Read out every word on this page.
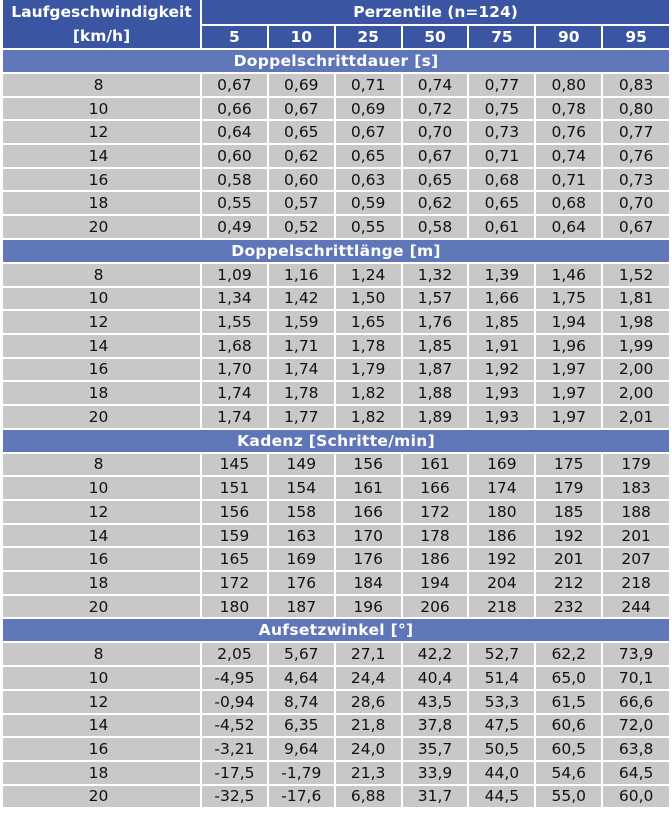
Laufgeschwindigkeit
[km/h]	Perzentile (n=124)						
	5	10	25	50	75	90	95
Doppelschrittdauer [s]							
8	0,67	0,69	0,71	0,74	0,77	0,80	0,83
10	0,66	0,67	0,69	0,72	0,75	0,78	0,80
12	0,64	0,65	0,67	0,70	0,73	0,76	0,77
14	0,60	0,62	0,65	0,67	0,71	0,74	0,76
16	0,58	0,60	0,63	0,65	0,68	0,71	0,73
18	0,55	0,57	0,59	0,62	0,65	0,68	0,70
20	0,49	0,52	0,55	0,58	0,61	0,64	0,67
Doppelschrittlänge [m]							
8	1,09	1,16	1,24	1,32	1,39	1,46	1,52
10	1,34	1,42	1,50	1,57	1,66	1,75	1,81
12	1,55	1,59	1,65	1,76	1,85	1,94	1,98
14	1,68	1,71	1,78	1,85	1,91	1,96	1,99
16	1,70	1,74	1,79	1,87	1,92	1,97	2,00
18	1,74	1,78	1,82	1,88	1,93	1,97	2,00
20	1,74	1,77	1,82	1,89	1,93	1,97	2,01
Kadenz [Schritte/min]							
8	145	149	156	161	169	175	179
10	151	154	161	166	174	179	183
12	156	158	166	172	180	185	188
14	159	163	170	178	186	192	201
16	165	169	176	186	192	201	207
18	172	176	184	194	204	212	218
20	180	187	196	206	218	232	244
Aufsetzwinkel [°]							
8	2,05	5,67	27,1	42,2	52,7	62,2	73,9
10	-4,95	4,64	24,4	40,4	51,4	65,0	70,1
12	-0,94	8,74	28,6	43,5	53,3	61,5	66,6
14	-4,52	6,35	21,8	37,8	47,5	60,6	72,0
16	-3,21	9,64	24,0	35,7	50,5	60,5	63,8
18	-17,5	-1,79	21,3	33,9	44,0	54,6	64,5
20	-32,5	-17,6	6,88	31,7	44,5	55,0	60,0
